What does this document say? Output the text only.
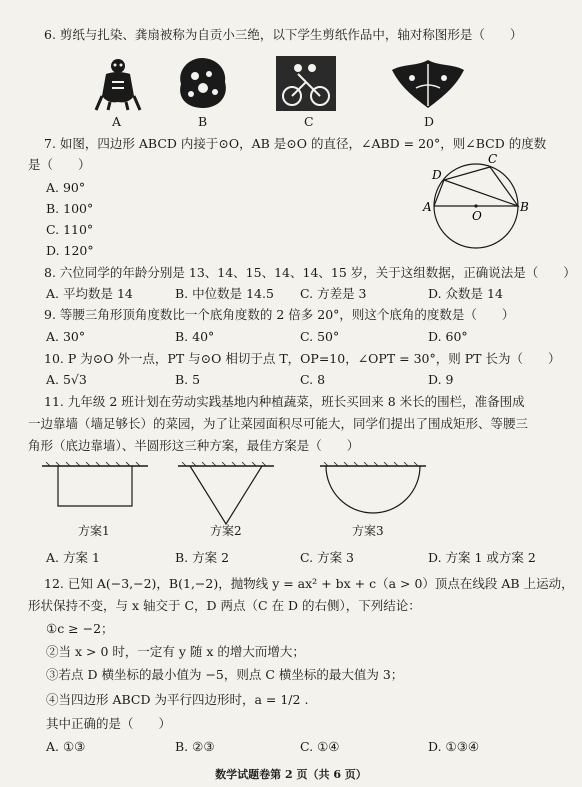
6. 剪纸与扎染、龚扇被称为自贡小三绝，以下学生剪纸作品中，轴对称图形是（　　）
A	B	C	D
7. 如图，四边形 ABCD 内接于⊙O，AB 是⊙O 的直径，∠ABD = 20°，则∠BCD 的度数
是（　　）
A. 90°
B. 100°
C. 110°
D. 120°
A	B
C
D
O
8. 六位同学的年龄分别是 13、14、15、14、14、15 岁，关于这组数据，正确说法是（　　）
A. 平均数是 14	B. 中位数是 14.5 C. 方差是 3	D. 众数是 14
9. 等腰三角形顶角度数比一个底角度数的 2 倍多 20°，则这个底角的度数是（　　）
A. 30°	B. 40°	C. 50°	D. 60°
10. P 为⊙O 外一点，PT 与⊙O 相切于点 T，OP=10，∠OPT = 30°，则 PT 长为（　　）
A. 5√3	B. 5	C. 8	D. 9
11. 九年级 2 班计划在劳动实践基地内种植蔬菜，班长买回来 8 米长的围栏，准备围成
一边靠墙（墙足够长）的菜园，为了让菜园面积尽可能大，同学们提出了围成矩形、等腰三
角形（底边靠墙）、半圆形这三种方案，最佳方案是（　　）
方案1	方案2	方案3
A. 方案 1	B. 方案 2	C. 方案 3	D. 方案 1 或方案 2
12. 已知 A(−3,−2)，B(1,−2)，抛物线 y = ax² + bx + c（a > 0）顶点在线段 AB 上运动，
形状保持不变，与 x 轴交于 C，D 两点（C 在 D 的右侧），下列结论：
①c ≥ −2；
②当 x > 0 时，一定有 y 随 x 的增大而增大；
③若点 D 横坐标的最小值为 −5，则点 C 横坐标的最大值为 3；
④当四边形 ABCD 为平行四边形时，a = 1/2 .
其中正确的是（　　）
A. ①③	B. ②③	C. ①④	D. ①③④
数学试题卷第 2 页（共 6 页）
